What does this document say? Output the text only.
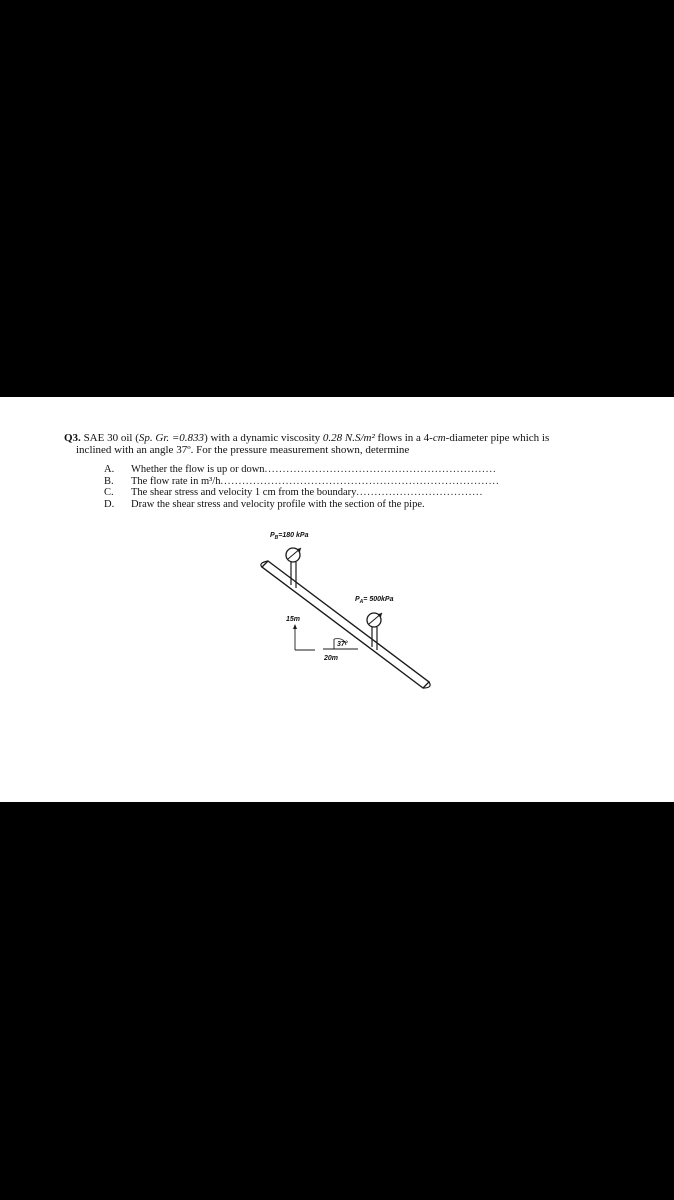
Q3. SAE 30 oil (Sp. Gr. =0.833) with a dynamic viscosity 0.28 N.S/m² flows in a 4-cm-diameter pipe which is
inclined with an angle 37º. For the pressure measurement shown, determine
A.	Whether the flow is up or down ................................................................
B.	The flow rate in m³/h .............................................................................
C.	The shear stress and velocity 1 cm from the boundary ...................................
D.	Draw the shear stress and velocity profile with the section of the pipe.
$P_B=180$ kPa
$P_A= 500kPa$
15m
37°
20m
